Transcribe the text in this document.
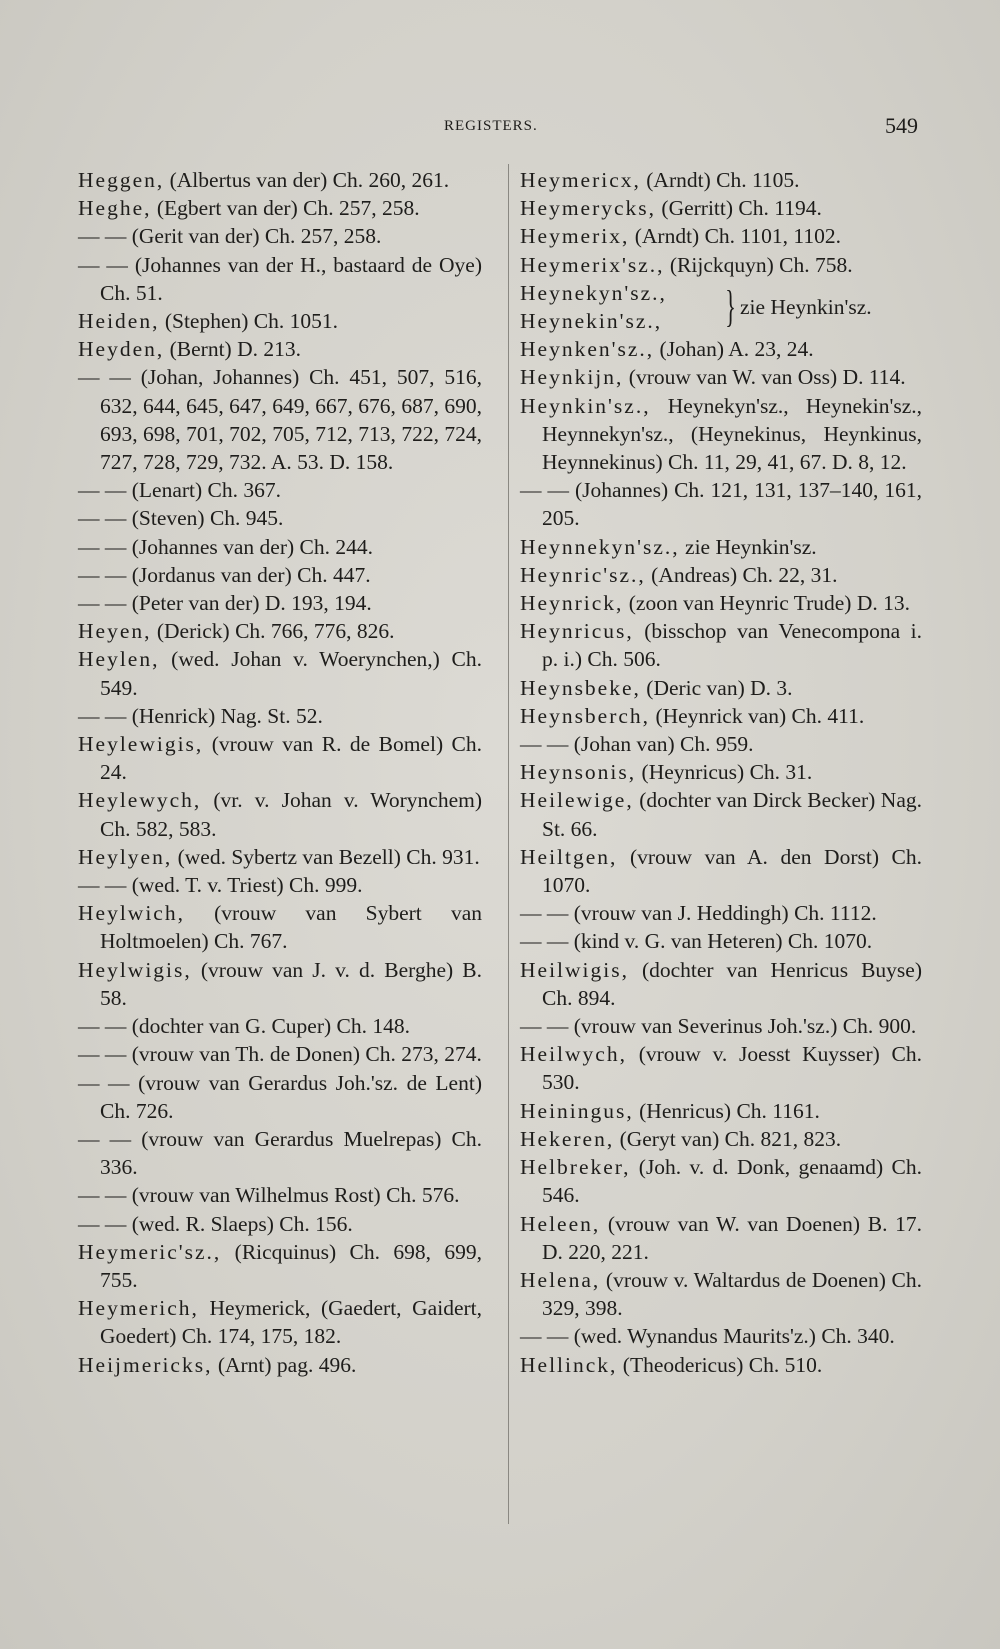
REGISTERS.	549

Heggen, (Albertus van der) Ch. 260, 261.

Heghe, (Egbert van der) Ch. 257, 258.

— — (Gerit van der) Ch. 257, 258.

— — (Johannes van der H., bastaard de Oye) Ch. 51.

Heiden, (Stephen) Ch. 1051.

Heyden, (Bernt) D. 213.

— — (Johan, Johannes) Ch. 451, 507, 516, 632, 644, 645, 647, 649, 667, 676, 687, 690, 693, 698, 701, 702, 705, 712, 713, 722, 724, 727, 728, 729, 732. A. 53. D. 158.

— — (Lenart) Ch. 367.

— — (Steven) Ch. 945.

— — (Johannes van der) Ch. 244.

— — (Jordanus van der) Ch. 447.

— — (Peter van der) D. 193, 194.

Heyen, (Derick) Ch. 766, 776, 826.

Heylen, (wed. Johan v. Woerynchen,) Ch. 549.

— — (Henrick) Nag. St. 52.

Heylewigis, (vrouw van R. de Bomel) Ch. 24.

Heylewych, (vr. v. Johan v. Worynchem) Ch. 582, 583.

Heylyen, (wed. Sybertz van Bezell) Ch. 931.

— — (wed. T. v. Triest) Ch. 999.

Heylwich, (vrouw van Sybert van Holtmoelen) Ch. 767.

Heylwigis, (vrouw van J. v. d. Berghe) B. 58.

— — (dochter van G. Cuper) Ch. 148.

— — (vrouw van Th. de Donen) Ch. 273, 274.

— — (vrouw van Gerardus Joh.'sz. de Lent) Ch. 726.

— — (vrouw van Gerardus Muelrepas) Ch. 336.

— — (vrouw van Wilhelmus Rost) Ch. 576.

— — (wed. R. Slaeps) Ch. 156.

Heymeric'sz., (Ricquinus) Ch. 698, 699, 755.

Heymerich, Heymerick, (Gaedert, Gaidert, Goedert) Ch. 174, 175, 182.

Heijmericks, (Arnt) pag. 496.

Heymericx, (Arndt) Ch. 1105.

Heymerycks, (Gerritt) Ch. 1194.

Heymerix, (Arndt) Ch. 1101, 1102.

Heymerix'sz., (Rijckquyn) Ch. 758.

Heynekyn'sz.,
Heynekin'sz., } zie Heynkin'sz.

Heynken'sz., (Johan) A. 23, 24.

Heynkijn, (vrouw van W. van Oss) D. 114.

Heynkin'sz., Heynekyn'sz., Heynekin'sz., Heynnekyn'sz., (Heynekinus, Heynkinus, Heynnekinus) Ch. 11, 29, 41, 67. D. 8, 12.

— — (Johannes) Ch. 121, 131, 137–140, 161, 205.

Heynnekyn'sz., zie Heynkin'sz.

Heynric'sz., (Andreas) Ch. 22, 31.

Heynrick, (zoon van Heynric Trude) D. 13.

Heynricus, (bisschop van Venecompona i. p. i.) Ch. 506.

Heynsbeke, (Deric van) D. 3.

Heynsberch, (Heynrick van) Ch. 411.

— — (Johan van) Ch. 959.

Heynsonis, (Heynricus) Ch. 31.

Heilewige, (dochter van Dirck Becker) Nag. St. 66.

Heiltgen, (vrouw van A. den Dorst) Ch. 1070.

— — (vrouw van J. Heddingh) Ch. 1112.

— — (kind v. G. van Heteren) Ch. 1070.

Heilwigis, (dochter van Henricus Buyse) Ch. 894.

— — (vrouw van Severinus Joh.'sz.) Ch. 900.

Heilwych, (vrouw v. Joesst Kuysser) Ch. 530.

Heiningus, (Henricus) Ch. 1161.

Hekeren, (Geryt van) Ch. 821, 823.

Helbreker, (Joh. v. d. Donk, genaamd) Ch. 546.

Heleen, (vrouw van W. van Doenen) B. 17. D. 220, 221.

Helena, (vrouw v. Waltardus de Doenen) Ch. 329, 398.

— — (wed. Wynandus Maurits'z.) Ch. 340.

Hellinck, (Theodericus) Ch. 510.
